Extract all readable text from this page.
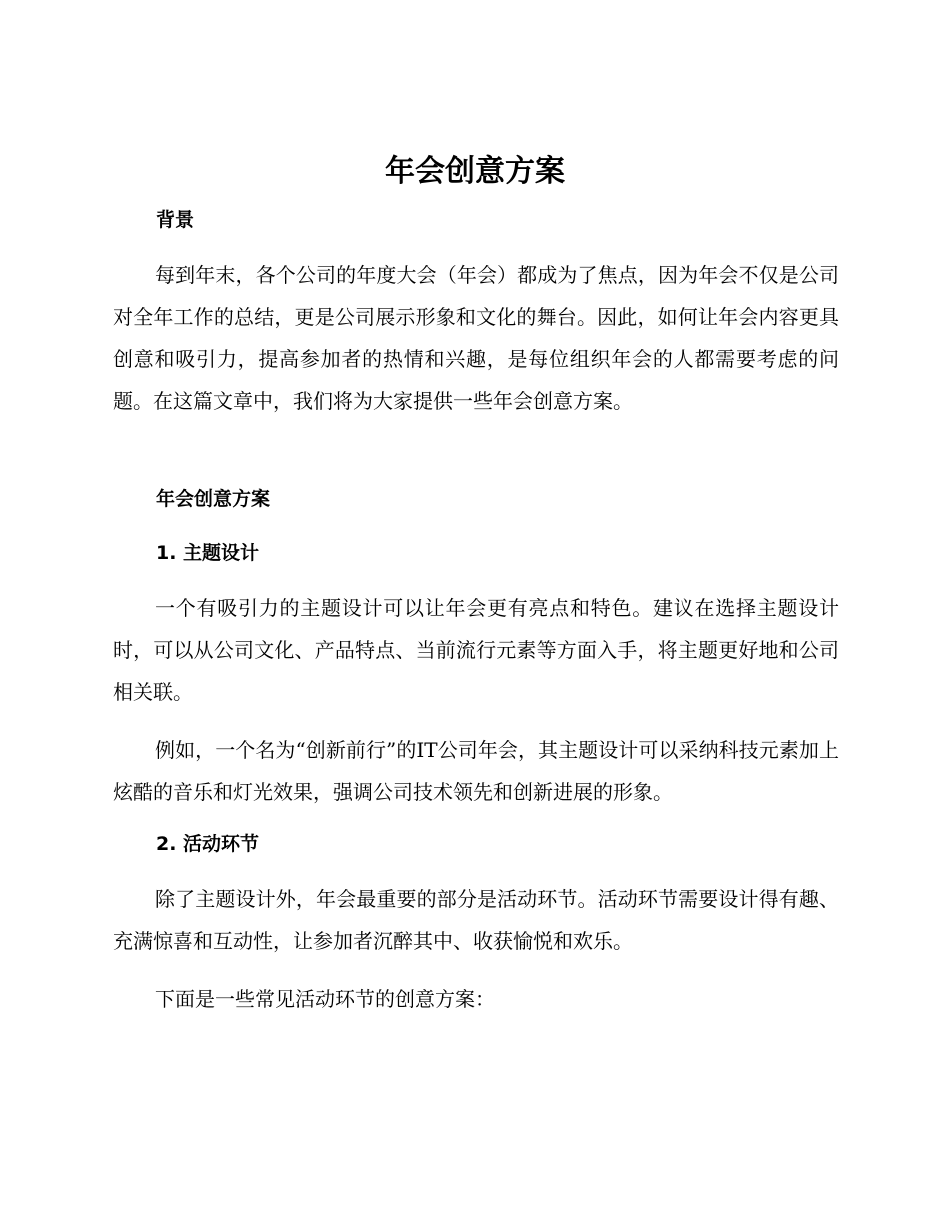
年会创意方案
背景

每到年末，各个公司的年度大会（年会）都成为了焦点，因为年会不仅是公司对全年工作的总结，更是公司展示形象和文化的舞台。因此，如何让年会内容更具创意和吸引力，提高参加者的热情和兴趣，是每位组织年会的人都需要考虑的问题。在这篇文章中，我们将为大家提供一些年会创意方案。

年会创意方案
1. 主题设计

一个有吸引力的主题设计可以让年会更有亮点和特色。建议在选择主题设计时，可以从公司文化、产品特点、当前流行元素等方面入手，将主题更好地和公司相关联。

例如，一个名为“创新前行”的IT公司年会，其主题设计可以采纳科技元素加上炫酷的音乐和灯光效果，强调公司技术领先和创新进展的形象。

2. 活动环节

除了主题设计外，年会最重要的部分是活动环节。活动环节需要设计得有趣、充满惊喜和互动性，让参加者沉醉其中、收获愉悦和欢乐。

下面是一些常见活动环节的创意方案：
